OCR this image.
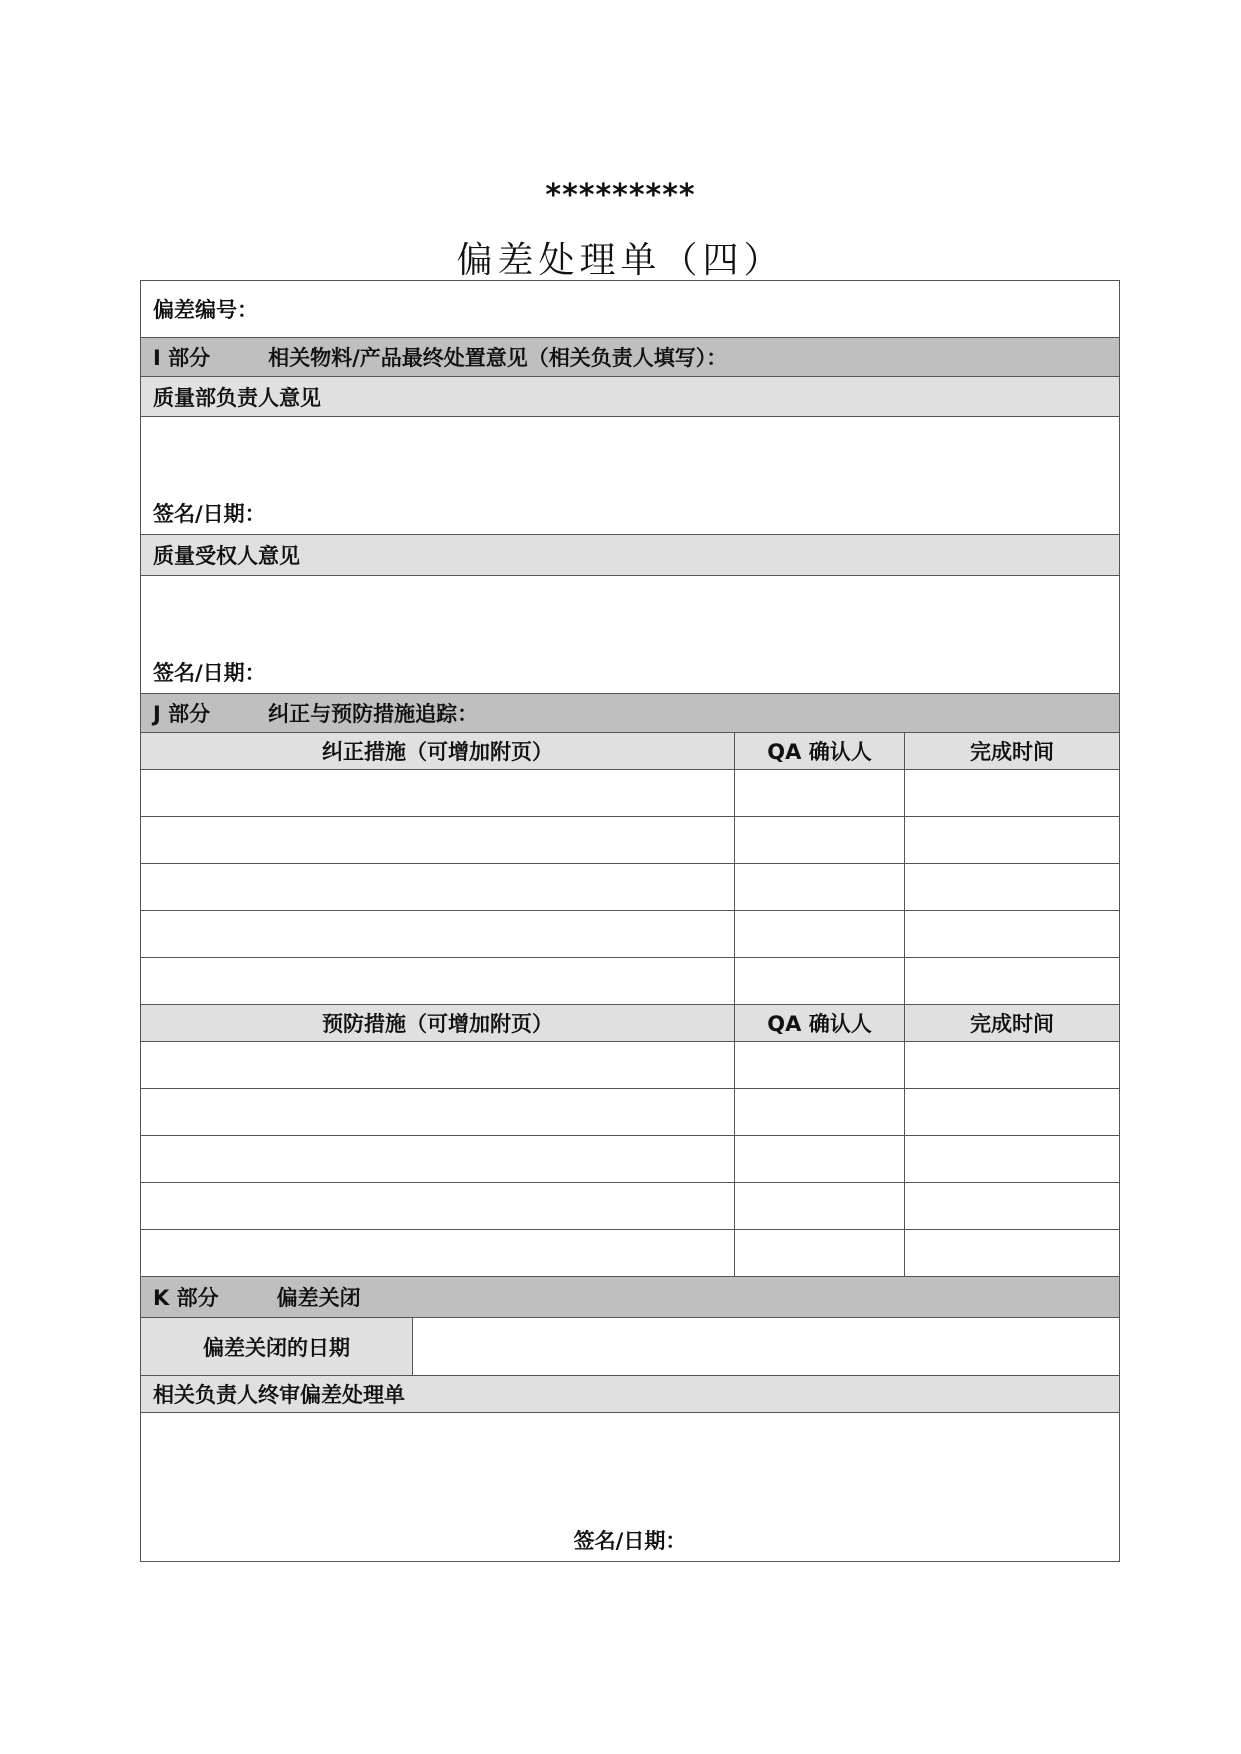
*********
偏差处理单（四）
偏差编号：			
I 部分 相关物料/产品最终处置意见（相关负责人填写）：			
质量部负责人意见			
签名/日期：			
质量受权人意见			
签名/日期：			
J 部分 纠正与预防措施追踪：			
纠正措施（可增加附页）		QA 确认人	完成时间

预防措施（可增加附页）		QA 确认人	完成时间

K 部分 偏差关闭			
偏差关闭的日期			
相关负责人终审偏差处理单			
签名/日期：			
